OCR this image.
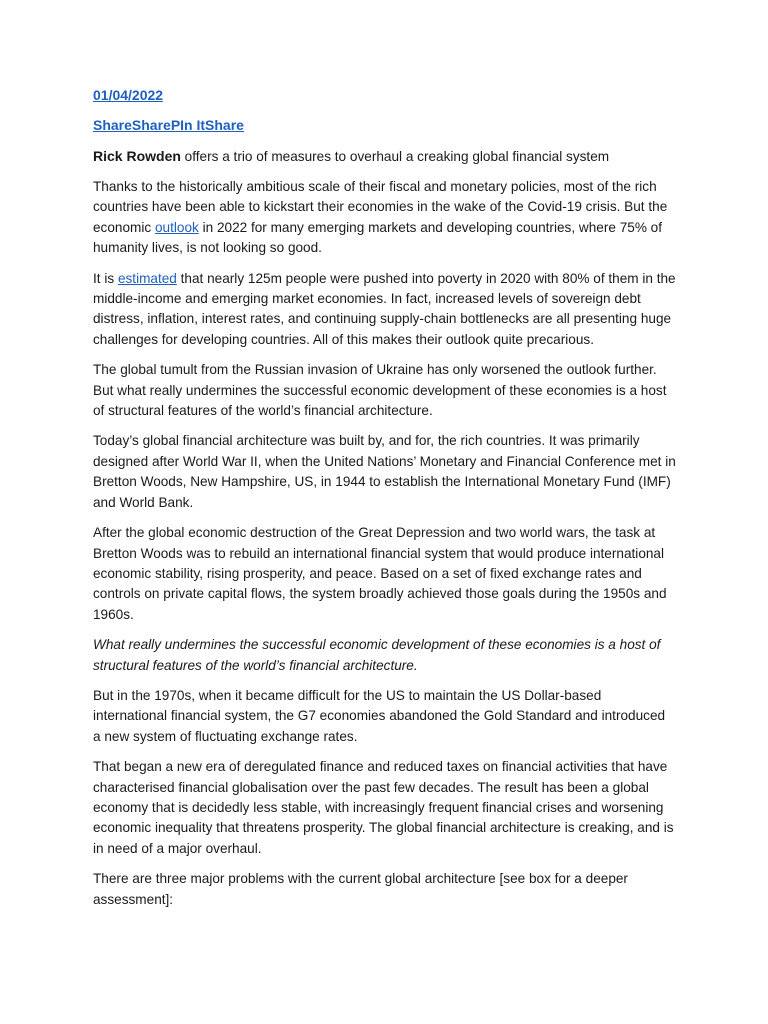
01/04/2022
ShareSharePIn ItShare

Rick Rowden offers a trio of measures to overhaul a creaking global financial system

Thanks to the historically ambitious scale of their fiscal and monetary policies, most of the rich countries have been able to kickstart their economies in the wake of the Covid-19 crisis. But the economic outlook in 2022 for many emerging markets and developing countries, where 75% of humanity lives, is not looking so good.

It is estimated that nearly 125m people were pushed into poverty in 2020 with 80% of them in the middle-income and emerging market economies. In fact, increased levels of sovereign debt distress, inflation, interest rates, and continuing supply-chain bottlenecks are all presenting huge challenges for developing countries. All of this makes their outlook quite precarious.

The global tumult from the Russian invasion of Ukraine has only worsened the outlook further. But what really undermines the successful economic development of these economies is a host of structural features of the world’s financial architecture.

Today’s global financial architecture was built by, and for, the rich countries. It was primarily designed after World War II, when the United Nations’ Monetary and Financial Conference met in Bretton Woods, New Hampshire, US, in 1944 to establish the International Monetary Fund (IMF) and World Bank.

After the global economic destruction of the Great Depression and two world wars, the task at Bretton Woods was to rebuild an international financial system that would produce international economic stability, rising prosperity, and peace. Based on a set of fixed exchange rates and controls on private capital flows, the system broadly achieved those goals during the 1950s and 1960s.

What really undermines the successful economic development of these economies is a host of structural features of the world’s financial architecture.

But in the 1970s, when it became difficult for the US to maintain the US Dollar-based international financial system, the G7 economies abandoned the Gold Standard and introduced a new system of fluctuating exchange rates.

That began a new era of deregulated finance and reduced taxes on financial activities that have characterised financial globalisation over the past few decades. The result has been a global economy that is decidedly less stable, with increasingly frequent financial crises and worsening economic inequality that threatens prosperity. The global financial architecture is creaking, and is in need of a major overhaul.

There are three major problems with the current global architecture [see box for a deeper assessment]:
